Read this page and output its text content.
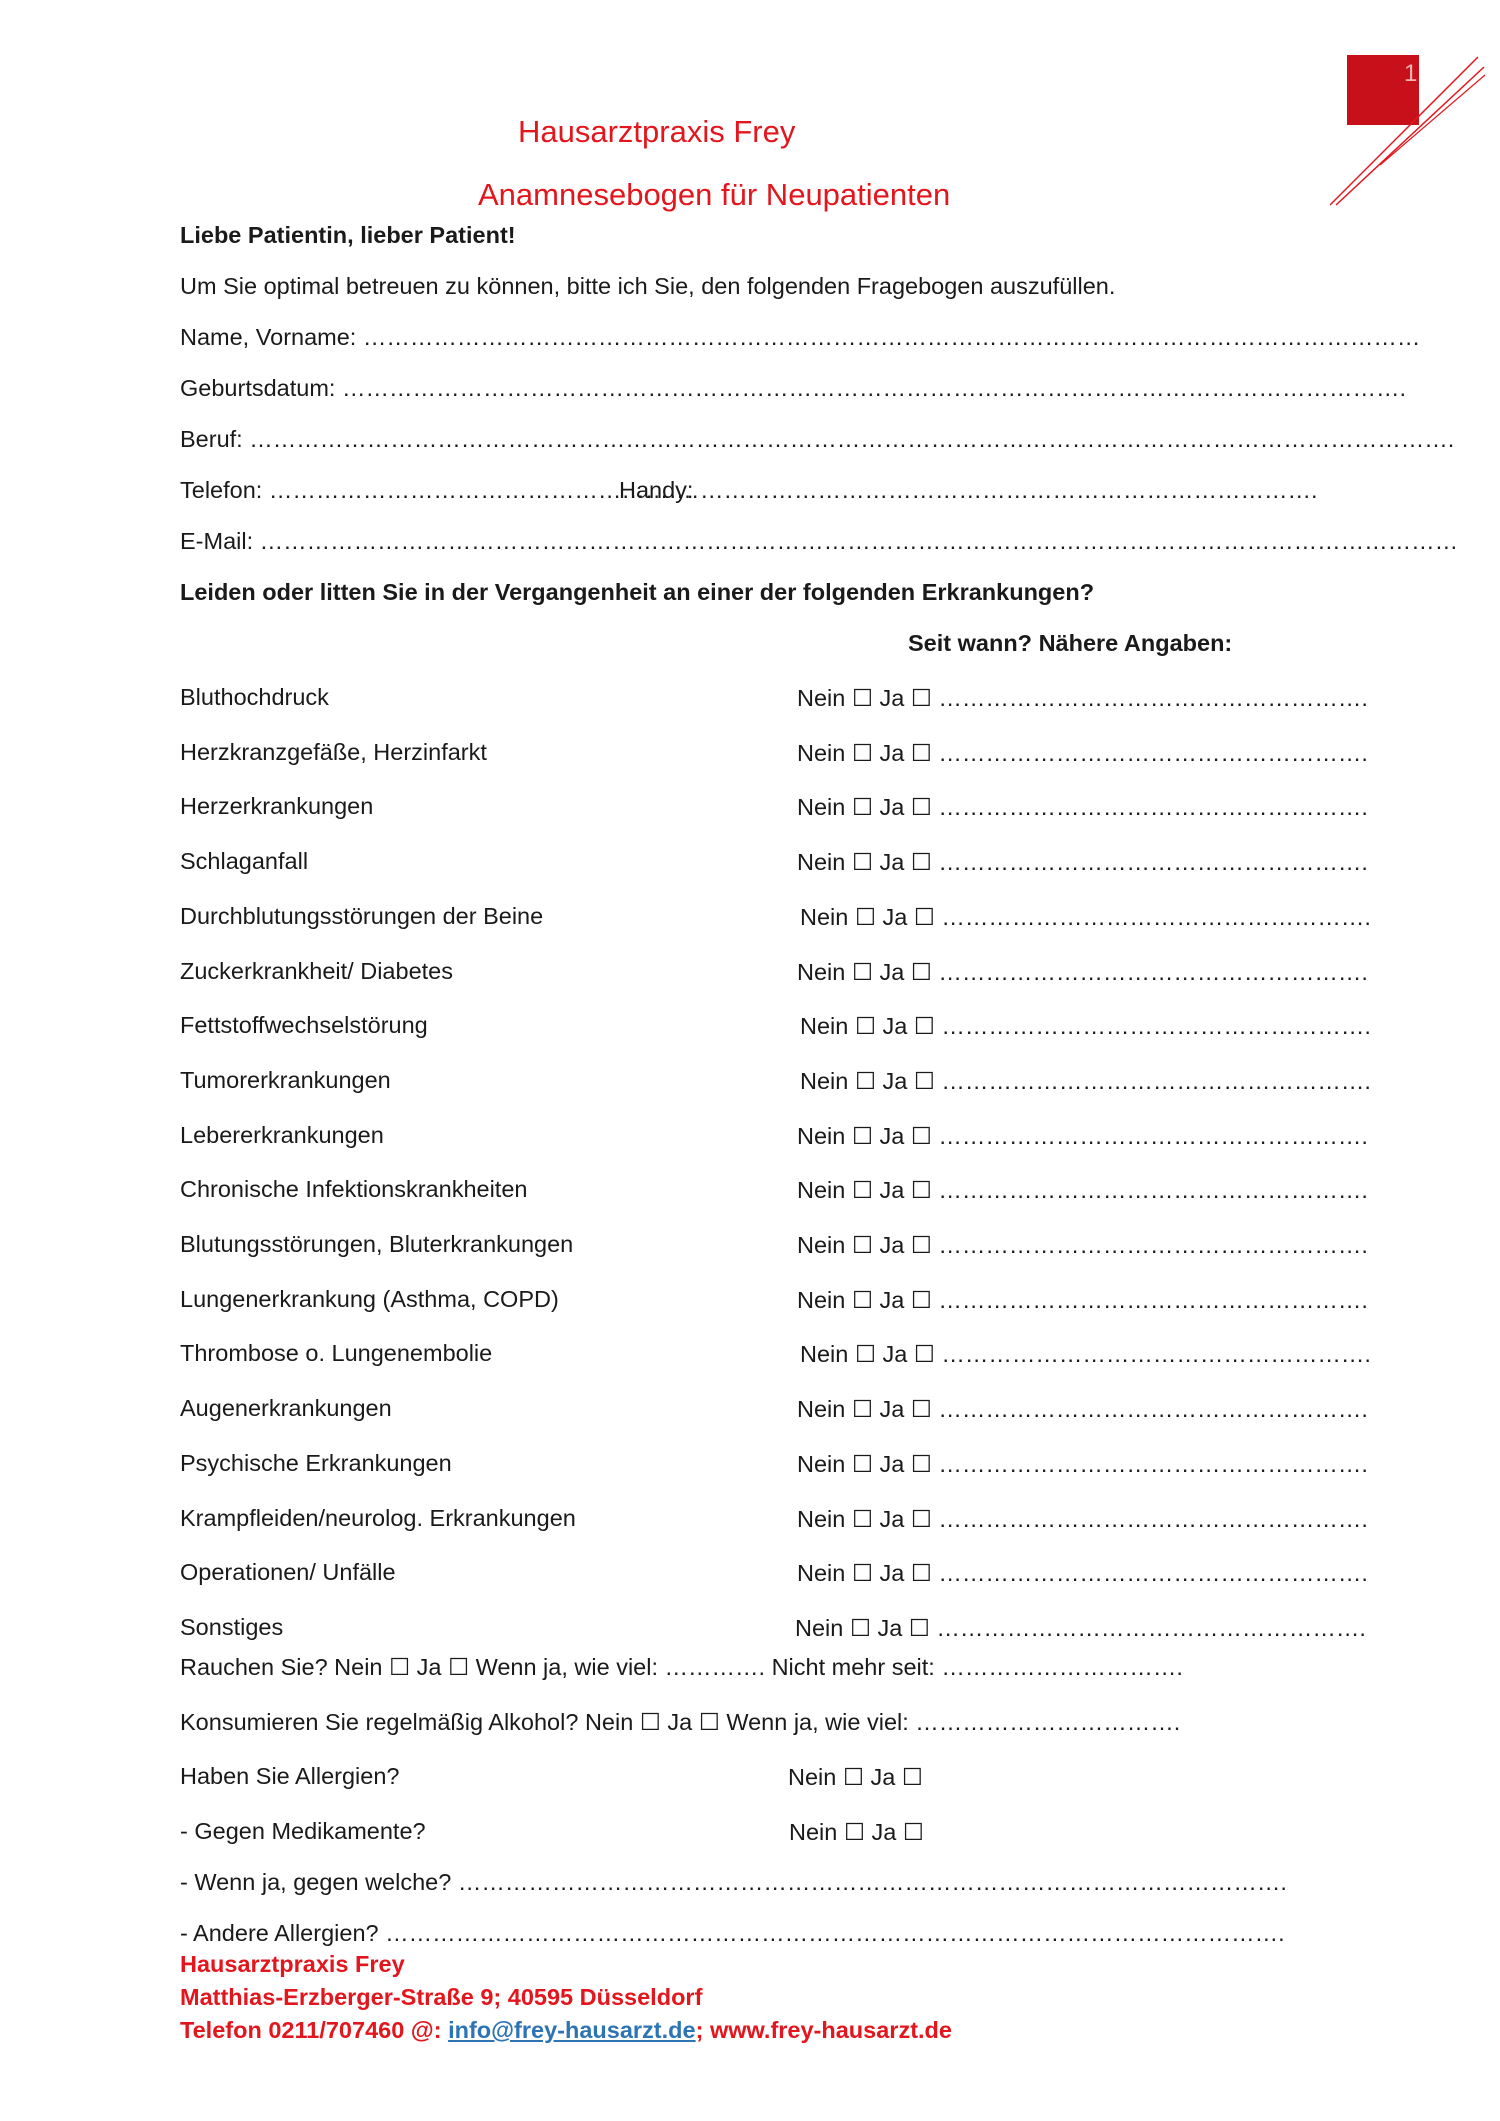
1
Hausarztpraxis Frey
Anamnesebogen für Neupatienten
Liebe Patientin, lieber Patient!
Um Sie optimal betreuen zu können, bitte ich Sie, den folgenden Fragebogen auszufüllen.
Name, Vorname: ………………………………………………………………………………………………………………………
Geburtsdatum: ……………………………………………………………………………………………………………………….
Beruf: ……………………………………………………………………………………………………………………………………….
Telefon: ……………………………………………….
Handy: …………………………………………………………………….
E-Mail: ………………………………………………………………………………………………………………………………………
Leiden oder litten Sie in der Vergangenheit an einer der folgenden Erkrankungen?
Seit wann? Nähere Angaben:
Bluthochdruck	Nein ☐ Ja ☐ ……………………………………………….
Herzkranzgefäße, Herzinfarkt	Nein ☐ Ja ☐ ……………………………………………….
Herzerkrankungen	Nein ☐ Ja ☐ ……………………………………………….
Schlaganfall	Nein ☐ Ja ☐ ……………………………………………….
Durchblutungsstörungen der Beine	Nein ☐ Ja ☐ ……………………………………………….
Zuckerkrankheit/ Diabetes	Nein ☐ Ja ☐ ……………………………………………….
Fettstoffwechselstörung	Nein ☐ Ja ☐ ……………………………………………….
Tumorerkrankungen	Nein ☐ Ja ☐ ……………………………………………….
Lebererkrankungen	Nein ☐ Ja ☐ ……………………………………………….
Chronische Infektionskrankheiten	Nein ☐ Ja ☐ ……………………………………………….
Blutungsstörungen, Bluterkrankungen	Nein ☐ Ja ☐ ……………………………………………….
Lungenerkrankung (Asthma, COPD)	Nein ☐ Ja ☐ ……………………………………………….
Thrombose o. Lungenembolie	Nein ☐ Ja ☐ ……………………………………………….
Augenerkrankungen	Nein ☐ Ja ☐ ……………………………………………….
Psychische Erkrankungen	Nein ☐ Ja ☐ ……………………………………………….
Krampfleiden/neurolog. Erkrankungen	Nein ☐ Ja ☐ ……………………………………………….
Operationen/ Unfälle	Nein ☐ Ja ☐ ……………………………………………….
Sonstiges	Nein ☐ Ja ☐ ……………………………………………….
Rauchen Sie? Nein ☐ Ja ☐ Wenn ja, wie viel: …………. Nicht mehr seit: ………………………….
Konsumieren Sie regelmäßig Alkohol? Nein ☐ Ja ☐ Wenn ja, wie viel: …………………………….
Haben Sie Allergien?	Nein ☐ Ja ☐
- Gegen Medikamente?	Nein ☐ Ja ☐
- Wenn ja, gegen welche? …………………………………………………………………………………………….
- Andere Allergien? …………………………………………………………………………………………………….
Hausarztpraxis Frey
Matthias-Erzberger-Straße 9; 40595 Düsseldorf
Telefon 0211/707460 @: info@frey-hausarzt.de; www.frey-hausarzt.de
